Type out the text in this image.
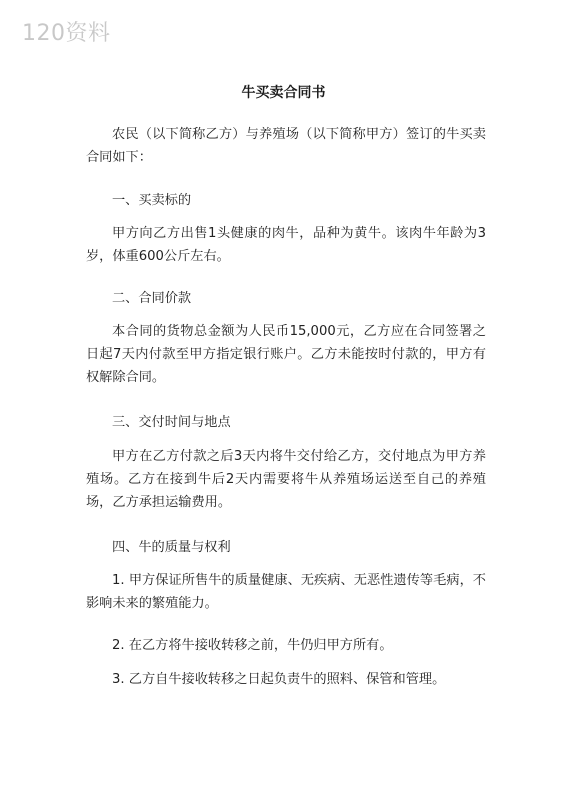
120资料
牛买卖合同书

农民（以下简称乙方）与养殖场（以下简称甲方）签订的牛买卖合同如下：

一、买卖标的

甲方向乙方出售1头健康的肉牛，品种为黄牛。该肉牛年龄为3岁，体重600公斤左右。

二、合同价款

本合同的货物总金额为人民币15,000元，乙方应在合同签署之日起7天内付款至甲方指定银行账户。乙方未能按时付款的，甲方有权解除合同。

三、交付时间与地点

甲方在乙方付款之后3天内将牛交付给乙方，交付地点为甲方养殖场。乙方在接到牛后2天内需要将牛从养殖场运送至自己的养殖场，乙方承担运输费用。

四、牛的质量与权利

1. 甲方保证所售牛的质量健康、无疾病、无恶性遗传等毛病，不影响未来的繁殖能力。

2. 在乙方将牛接收转移之前，牛仍归甲方所有。

3. 乙方自牛接收转移之日起负责牛的照料、保管和管理。
